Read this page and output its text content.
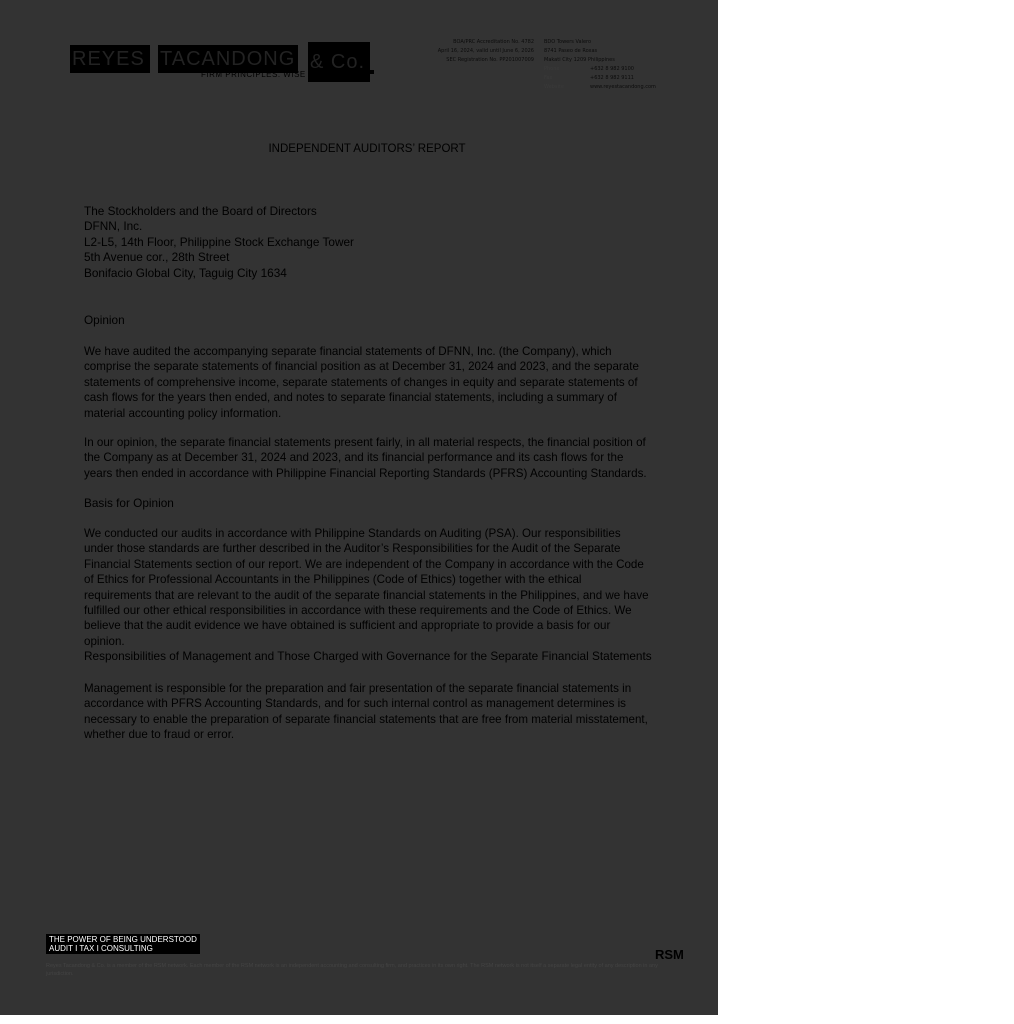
REYES TACANDONG & Co.
FIRM PRINCIPLES. WISE SOLUTIONS.
BOA/PRC Accreditation No. 4782
April 16, 2024, valid until June 6, 2026
SEC Registration No. PP201007009
BDO Towers Valero
8741 Paseo de Roxas
Makati City 1209 Philippines
Phone	+632 8 982 9100
Fax	+632 8 982 9111
Website	www.reyestacandong.com
INDEPENDENT AUDITORS’ REPORT
The Stockholders and the Board of Directors
DFNN, Inc.
L2-L5, 14th Floor, Philippine Stock Exchange Tower
5th Avenue cor., 28th Street
Bonifacio Global City, Taguig City 1634
Opinion
We have audited the accompanying separate financial statements of DFNN, Inc. (the Company), which comprise the separate statements of financial position as at December 31, 2024 and 2023, and the separate statements of comprehensive income, separate statements of changes in equity and separate statements of cash flows for the years then ended, and notes to separate financial statements, including a summary of material accounting policy information.
In our opinion, the separate financial statements present fairly, in all material respects, the financial position of the Company as at December 31, 2024 and 2023, and its financial performance and its cash flows for the years then ended in accordance with Philippine Financial Reporting Standards (PFRS) Accounting Standards.
Basis for Opinion
We conducted our audits in accordance with Philippine Standards on Auditing (PSA). Our responsibilities under those standards are further described in the Auditor’s Responsibilities for the Audit of the Separate Financial Statements section of our report. We are independent of the Company in accordance with the Code of Ethics for Professional Accountants in the Philippines (Code of Ethics) together with the ethical requirements that are relevant to the audit of the separate financial statements in the Philippines, and we have fulfilled our other ethical responsibilities in accordance with these requirements and the Code of Ethics. We believe that the audit evidence we have obtained is sufficient and appropriate to provide a basis for our opinion.
Responsibilities of Management and Those Charged with Governance for the Separate Financial Statements
Management is responsible for the preparation and fair presentation of the separate financial statements in accordance with PFRS Accounting Standards, and for such internal control as management determines is necessary to enable the preparation of separate financial statements that are free from material misstatement, whether due to fraud or error.
THE POWER OF BEING UNDERSTOOD
AUDIT I TAX I CONSULTING	RSM
Reyes Tacandong & Co. is a member of the RSM network. Each member of the RSM network is an independent accounting and consulting firm, and practices in its own right. The RSM network is not itself a separate legal entity of any description in any jurisdiction.
